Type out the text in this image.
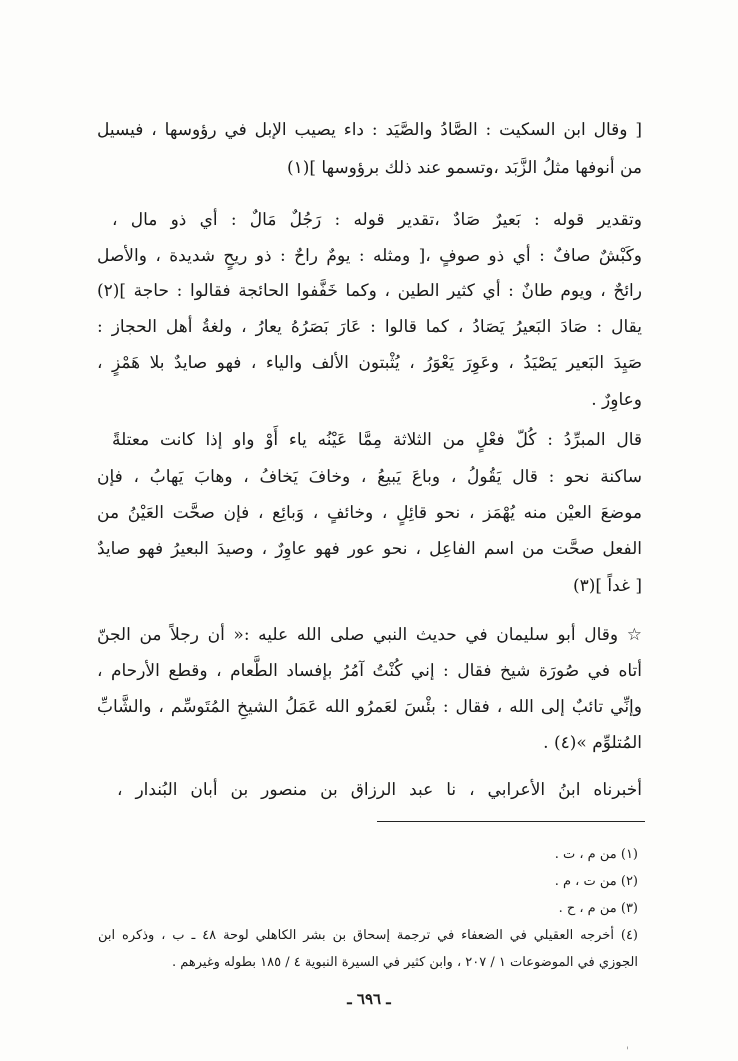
[ وقال ابن السكيت : الصَّادُ والصَّيَد : داء يصيب الإبل في رؤوسها ، فيسيل
من أنوفها مثلُ الزَّبَد ،وتسمو عند ذلك برؤوسها ](١)
وتقدير قوله : بَعيرٌ صَادٌ ،تقدير قوله : رَجُلٌ مَالٌ : أي ذو مال ،
وكَبْشٌ صافٌ : أي ذو صوفٍ ،[ ومثله : يومٌ راحٌ : ذو ريحٍ شديدة ، والأصل
رائحٌ ، ويوم طانٌ : أي كثير الطين ، وكما خَفَّفوا الحائجة فقالوا : حاجة ](٢)
يقال : صَادَ البَعيرُ يَصَادُ ، كما قالوا : عَارَ بَصَرُهُ يعارُ ، ولغةُ أهل الحجاز :
صَيِدَ البَعير يَصْيَدُ ، وعَوِرَ يَعْوَرُ ، يُثْبتون الألف والياء ، فهو صايدٌ بلا هَمْزٍ ،
وعاوِرٌ .
قال المبرِّدُ : كُلّ فعْلٍ من الثلاثة مِمَّا عَيْنُه ياء أَوْ واو إذا كانت معتلةً
ساكنة نحو : قال يَقُولُ ، وباعَ يَبيعُ ، وخافَ يَخافُ ، وهابَ يَهابُ ، فإن
موضعَ العيْن منه يُهْمَز ، نحو قائِلٍ ، وخائفٍ ، وَبائِع ، فإن صحَّت العَيْنُ من
الفعل صحَّت من اسم الفاعِل ، نحو عور فهو عاوِرٌ ، وصيدَ البعيرُ فهو صايدٌ
[ غداً ](٣)
☆ وقال أبو سليمان في حديث النبي صلى الله عليه :« أن رجلاً من الجنّ
أتاه في صُورَة شيخ فقال : إني كُنْتُ آمُرُ بإفساد الطَّعام ، وقطع الأرحام ،
وإنِّي تائبٌ إلى الله ، فقال : بئْسَ لعَمرُو الله عَمَلُ الشيخِ المُتَوسِّم ، والشَّابِّ
المُتلوِّم »(٤) .
أخبرناه ابنُ الأعرابي ، نا عبد الرزاق بن منصور بن أبان البُندار ،
(١) من م ، ت .
(٢) من ت ، م .
(٣) من م ، ح .
(٤) أخرجه العقيلي في الضعفاء في ترجمة إسحاق بن بشر الكاهلي لوحة ٤٨ ـ ب ، وذكره ابن
الجوزي في الموضوعات ١ / ٢٠٧ ، وابن كثير في السيرة النبوية ٤ / ١٨٥ بطوله وغيرهم .
ـ ٦٩٦ ـ
'
